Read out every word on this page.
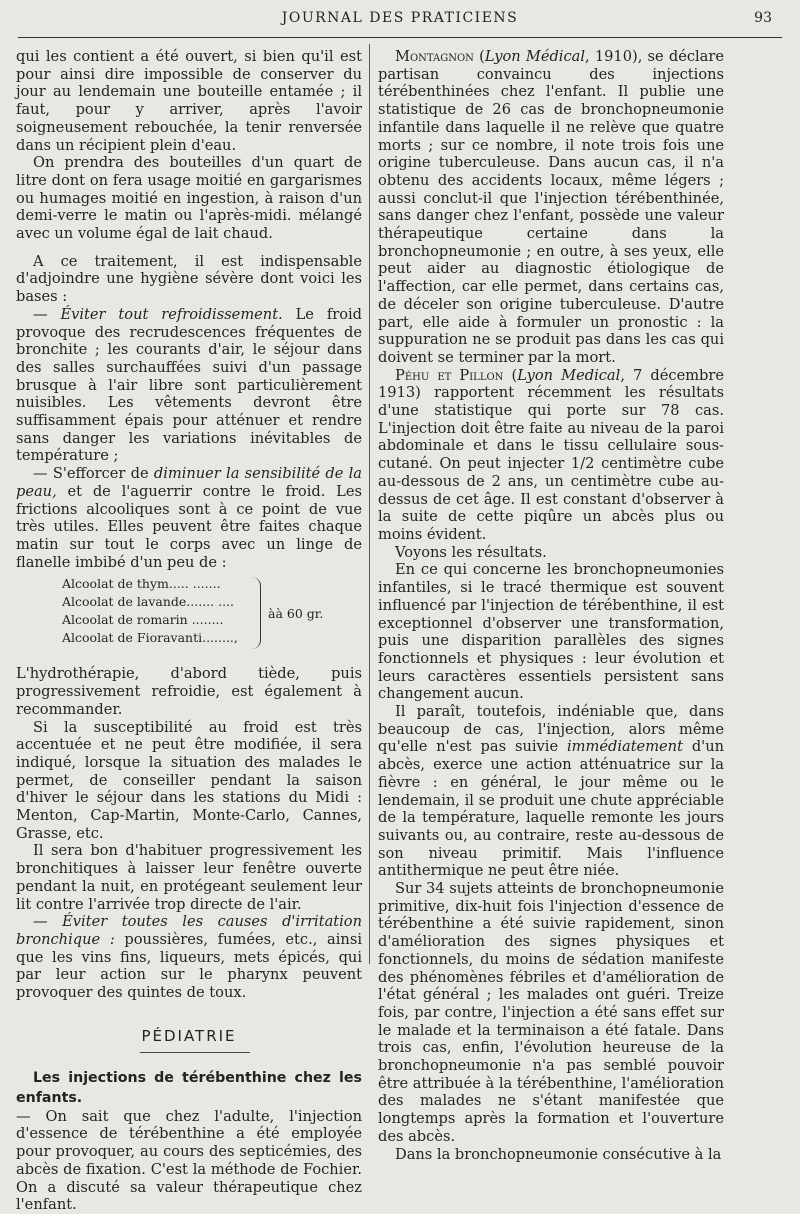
JOURNAL DES PRATICIENS	93

qui les contient a été ouvert, si bien qu'il est pour ainsi dire impossible de conserver du jour au lendemain une bouteille entamée ; il faut, pour y arriver, après l'avoir soigneusement rebouchée, la tenir renversée dans un récipient plein d'eau.

On prendra des bouteilles d'un quart de litre dont on fera usage moitié en gargarismes ou humages moitié en ingestion, à raison d'un demi-verre le matin ou l'après-midi. mélangé avec un volume égal de lait chaud.

A ce traitement, il est indispensable d'adjoindre une hygiène sévère dont voici les bases :

— Éviter tout refroidissement. Le froid provoque des recrudescences fréquentes de bronchite ; les courants d'air, le séjour dans des salles surchauffées suivi d'un passage brusque à l'air libre sont particulièrement nuisibles. Les vêtements devront être suffisamment épais pour atténuer et rendre sans danger les variations inévitables de température ;

— S'efforcer de diminuer la sensibilité de la peau, et de l'aguerrir contre le froid. Les frictions alcooliques sont à ce point de vue très utiles. Elles peuvent être faites chaque matin sur tout le corps avec un linge de flanelle imbibé d'un peu de :

Alcoolat de thym..... .......
Alcoolat de lavande....... ....
Alcoolat de romarin ........
Alcoolat de Fioravanti........,
àà 60 gr.

L'hydrothérapie, d'abord tiède, puis progressivement refroidie, est également à recommander.

Si la susceptibilité au froid est très accentuée et ne peut être modifiée, il sera indiqué, lorsque la situation des malades le permet, de conseiller pendant la saison d'hiver le séjour dans les stations du Midi : Menton, Cap-Martin, Monte-Carlo, Cannes, Grasse, etc.

Il sera bon d'habituer progressivement les bronchitiques à laisser leur fenêtre ouverte pendant la nuit, en protégeant seulement leur lit contre l'arrivée trop directe de l'air.

— Éviter toutes les causes d'irritation bronchique : poussières, fumées, etc., ainsi que les vins fins, liqueurs, mets épicés, qui par leur action sur le pharynx peuvent provoquer des quintes de toux.

PÉDIATRIE

Les injections de térébenthine chez les enfants.

— On sait que chez l'adulte, l'injection d'essence de térébenthine a été employée pour provoquer, au cours des septicémies, des abcès de fixation. C'est la méthode de Fochier. On a discuté sa valeur thérapeutique chez l'enfant.

Montagnon (Lyon Médical, 1910), se déclare partisan convaincu des injections térébenthinées chez l'enfant. Il publie une statistique de 26 cas de bronchopneumonie infantile dans laquelle il ne relève que quatre morts ; sur ce nombre, il note trois fois une origine tuberculeuse. Dans aucun cas, il n'a obtenu des accidents locaux, même légers ; aussi conclut-il que l'injection térébenthinée, sans danger chez l'enfant, possède une valeur thérapeutique certaine dans la bronchopneumonie ; en outre, à ses yeux, elle peut aider au diagnostic étiologique de l'affection, car elle permet, dans certains cas, de déceler son origine tuberculeuse. D'autre part, elle aide à formuler un pronostic : la suppuration ne se produit pas dans les cas qui doivent se terminer par la mort.

Péhu et Pillon (Lyon Medical, 7 décembre 1913) rapportent récemment les résultats d'une statistique qui porte sur 78 cas. L'injection doit être faite au niveau de la paroi abdominale et dans le tissu cellulaire sous-cutané. On peut injecter 1/2 centimètre cube au-dessous de 2 ans, un centimètre cube au-dessus de cet âge. Il est constant d'observer à la suite de cette piqûre un abcès plus ou moins évident.

Voyons les résultats.

En ce qui concerne les bronchopneumonies infantiles, si le tracé thermique est souvent influencé par l'injection de térébenthine, il est exceptionnel d'observer une transformation, puis une disparition parallèles des signes fonctionnels et physiques : leur évolution et leurs caractères essentiels persistent sans changement aucun.

Il paraît, toutefois, indéniable que, dans beaucoup de cas, l'injection, alors même qu'elle n'est pas suivie immédiatement d'un abcès, exerce une action atténuatrice sur la fièvre : en général, le jour même ou le lendemain, il se produit une chute appréciable de la température, laquelle remonte les jours suivants ou, au contraire, reste au-dessous de son niveau primitif. Mais l'influence antithermique ne peut être niée.

Sur 34 sujets atteints de bronchopneumonie primitive, dix-huit fois l'injection d'essence de térébenthine a été suivie rapidement, sinon d'amélioration des signes physiques et fonctionnels, du moins de sédation manifeste des phénomènes fébriles et d'amélioration de l'état général ; les malades ont guéri. Treize fois, par contre, l'injection a été sans effet sur le malade et la terminaison a été fatale. Dans trois cas, enfin, l'évolution heureuse de la bronchopneumonie n'a pas semblé pouvoir être attribuée à la térébenthine, l'amélioration des malades ne s'étant manifestée que longtemps après la formation et l'ouverture des abcès.

Dans la bronchopneumonie consécutive à la
